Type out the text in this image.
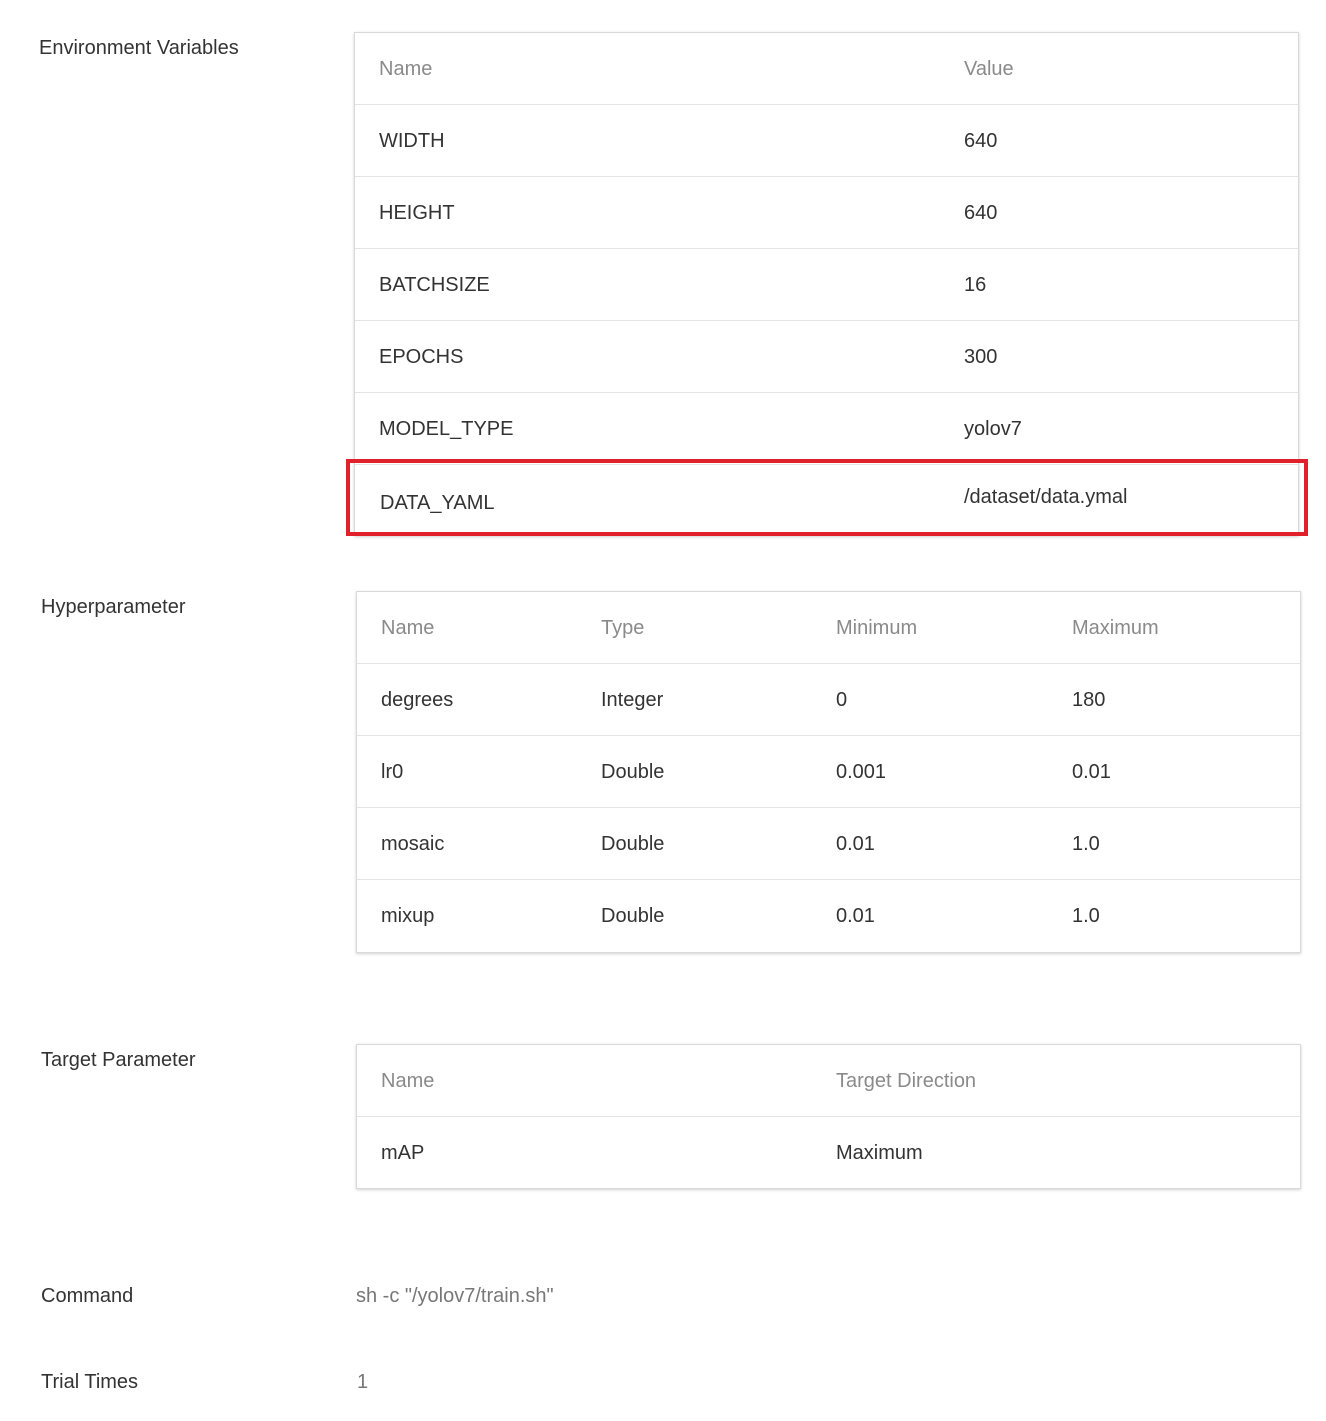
Environment Variables
Name	Value
WIDTH	640
HEIGHT	640
BATCHSIZE	16
EPOCHS	300
MODEL_TYPE	yolov7
DATA_YAML	/dataset/data.ymal
Hyperparameter
Name	Type	Minimum	Maximum
degrees	Integer	0	180
lr0	Double	0.001	0.01
mosaic	Double	0.01	1.0
mixup	Double	0.01	1.0
Target Parameter
Name	Target Direction
mAP	Maximum
Command	sh -c "/yolov7/train.sh"
Trial Times	1
